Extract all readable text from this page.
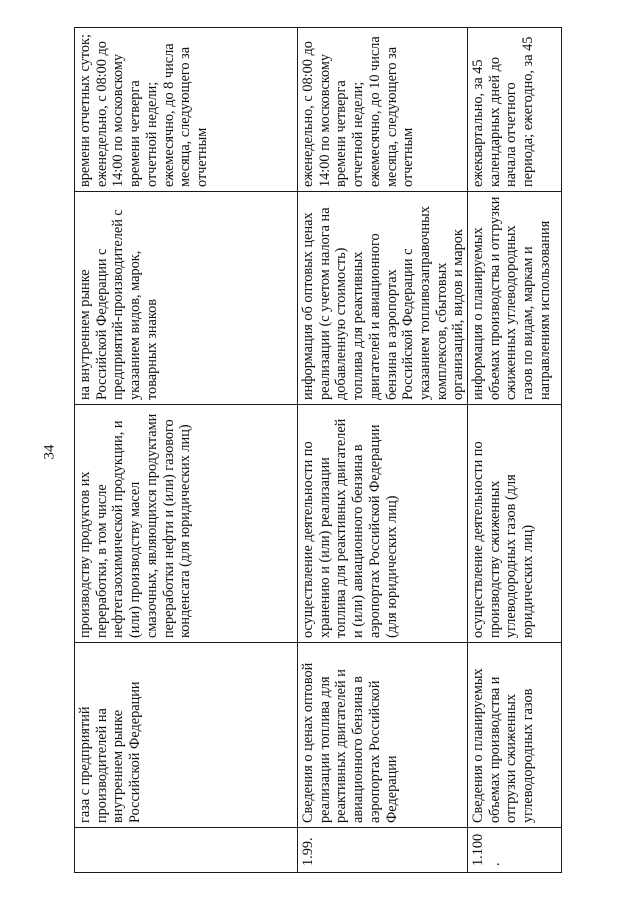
34
	газа с предприятий производителей на внутреннем рынке Российской Федерации	производству продуктов их переработки, в том числе нефтегазохимической продукции, и (или) производству масел смазочных, являющихся продуктами переработки нефти и (или) газового конденсата (для юридических лиц)	на внутреннем рынке Российской Федерации с предприятий-производителей с указанием видов, марок, товарных знаков	времени отчетных суток; еженедельно, с 08:00 до 14:00 по московскому времени четверга отчетной недели; ежемесячно, до 8 числа месяца, следующего за отчетным
1.99.	Сведения о ценах оптовой реализации топлива для реактивных двигателей и авиационного бензина в аэропортах Российской Федерации	осуществление деятельности по хранению и (или) реализации топлива для реактивных двигателей и (или) авиационного бензина в аэропортах Российской Федерации (для юридических лиц)	информация об оптовых ценах реализации (с учетом налога на добавленную стоимость) топлива для реактивных двигателей и авиационного бензина в аэропортах Российской Федерации с указанием топливозаправочных комплексов, сбытовых организаций, видов и марок	еженедельно, с 08:00 до 14:00 по московскому времени четверга отчетной недели; ежемесячно, до 10 числа месяца, следующего за отчетным
1.100.	Сведения о планируемых объемах производства и отгрузки сжиженных углеводородных газов	осуществление деятельности по производству сжиженных углеводородных газов (для юридических лиц)	информация о планируемых объемах производства и отгрузки сжиженных углеводородных газов по видам, маркам и направлениям использования	ежеквартально, за 45 календарных дней до начала отчетного периода; ежегодно, за 45
